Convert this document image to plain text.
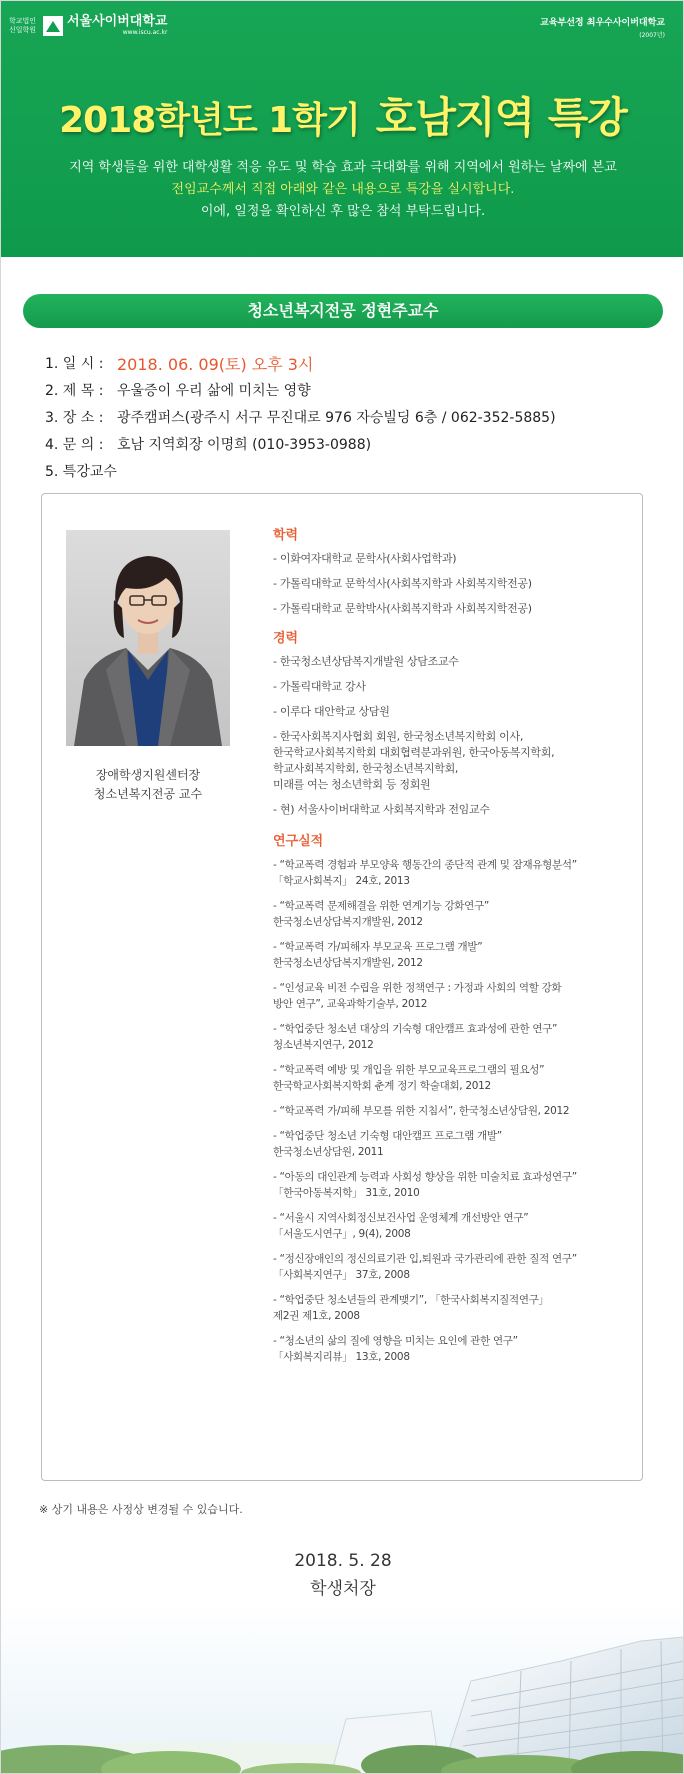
학교법인 신일학원
서울사이버대학교
www.iscu.ac.kr
교육부선정 최우수사이버대학교
(2007년)
2018학년도 1학기 호남지역 특강
지역 학생들을 위한 대학생활 적응 유도 및 학습 효과 극대화를 위해 지역에서 원하는 날짜에 본교
전임교수께서 직접 아래와 같은 내용으로 특강을 실시합니다.
이에, 일정을 확인하신 후 많은 참석 부탁드립니다.
청소년복지전공 정현주교수
1. 일 시 : 2018. 06. 09(토) 오후 3시
2. 제 목 : 우울증이 우리 삶에 미치는 영향
3. 장 소 : 광주캠퍼스(광주시 서구 무진대로 976 자승빌딩 6층 / 062-352-5885)
4. 문 의 : 호남 지역회장 이명희 (010-3953-0988)
5. 특강교수
장애학생지원센터장
청소년복지전공 교수
학력
- 이화여자대학교 문학사(사회사업학과)
- 가톨릭대학교 문학석사(사회복지학과 사회복지학전공)
- 가톨릭대학교 문학박사(사회복지학과 사회복지학전공)
경력
- 한국청소년상담복지개발원 상담조교수
- 가톨릭대학교 강사
- 이루다 대안학교 상담원
- 한국사회복지사협회 회원, 한국청소년복지학회 이사,
한국학교사회복지학회 대회협력분과위원, 한국아동복지학회,
학교사회복지학회, 한국청소년복지학회,
미래를 여는 청소년학회 등 정회원
- 현) 서울사이버대학교 사회복지학과 전임교수
연구실적
- “학교폭력 경험과 부모양육 행동간의 종단적 관계 및 잠재유형분석”
「학교사회복지」 24호, 2013
- “학교폭력 문제해결을 위한 연계기능 강화연구”
한국청소년상담복지개발원, 2012
- “학교폭력 가/피해자 부모교육 프로그램 개발”
한국청소년상담복지개발원, 2012
- “인성교육 비전 수립을 위한 정책연구 : 가정과 사회의 역할 강화
방안 연구”, 교육과학기술부, 2012
- “학업중단 청소년 대상의 기숙형 대안캠프 효과성에 관한 연구”
청소년복지연구, 2012
- “학교폭력 예방 및 개입을 위한 부모교육프로그램의 필요성”
한국학교사회복지학회 춘계 정기 학술대회, 2012
- “학교폭력 가/피해 부모를 위한 지침서”, 한국청소년상담원, 2012
- “학업중단 청소년 기숙형 대안캠프 프로그램 개발”
한국청소년상담원, 2011
- “아동의 대인관계 능력과 사회성 향상을 위한 미술치료 효과성연구”
「한국아동복지학」 31호, 2010
- “서울시 지역사회정신보건사업 운영체계 개선방안 연구”
「서울도시연구」, 9(4), 2008
- “정신장애인의 정신의료기관 입,퇴원과 국가관리에 관한 질적 연구”
「사회복지연구」 37호, 2008
- “학업중단 청소년들의 관계맺기”, 「한국사회복지질적연구」
제2권 제1호, 2008
- “청소년의 삶의 질에 영향을 미치는 요인에 관한 연구”
「사회복지리뷰」 13호, 2008
※ 상기 내용은 사정상 변경될 수 있습니다.
2018. 5. 28
학생처장
